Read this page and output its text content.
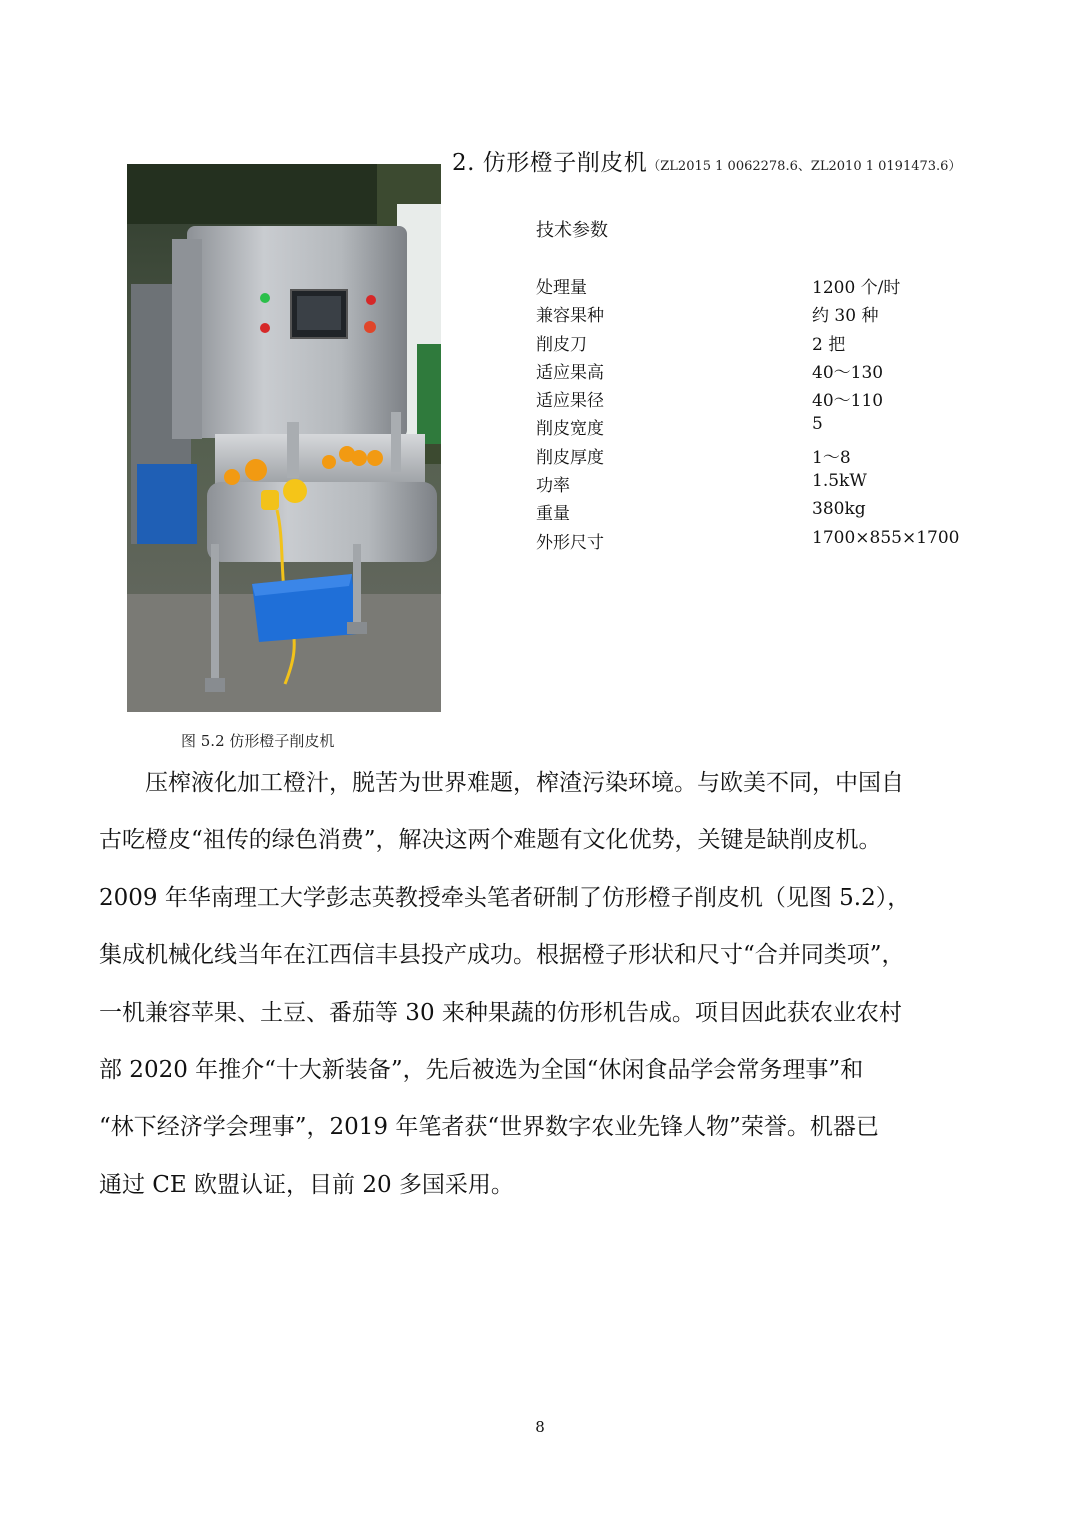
2. 仿形橙子削皮机（ZL2015 1 0062278.6、ZL2010 1 0191473.6）
图 5.2 仿形橙子削皮机
技术参数
处理量	1200 个/时
兼容果种	约 30 种
削皮刀	2 把
适应果高	40～130
适应果径	40～110
削皮宽度	5
削皮厚度	1～8
功率	1.5kW
重量	380kg
外形尺寸	1700×855×1700
　　压榨液化加工橙汁，脱苦为世界难题，榨渣污染环境。与欧美不同，中国自
古吃橙皮“祖传的绿色消费”，解决这两个难题有文化优势，关键是缺削皮机。
2009 年华南理工大学彭志英教授牵头笔者研制了仿形橙子削皮机（见图 5.2），
集成机械化线当年在江西信丰县投产成功。根据橙子形状和尺寸“合并同类项”，
一机兼容苹果、土豆、番茄等 30 来种果蔬的仿形机告成。项目因此获农业农村
部 2020 年推介“十大新装备”，先后被选为全国“休闲食品学会常务理事”和
“林下经济学会理事”，2019 年笔者获“世界数字农业先锋人物”荣誉。机器已
通过 CE 欧盟认证，目前 20 多国采用。
8
